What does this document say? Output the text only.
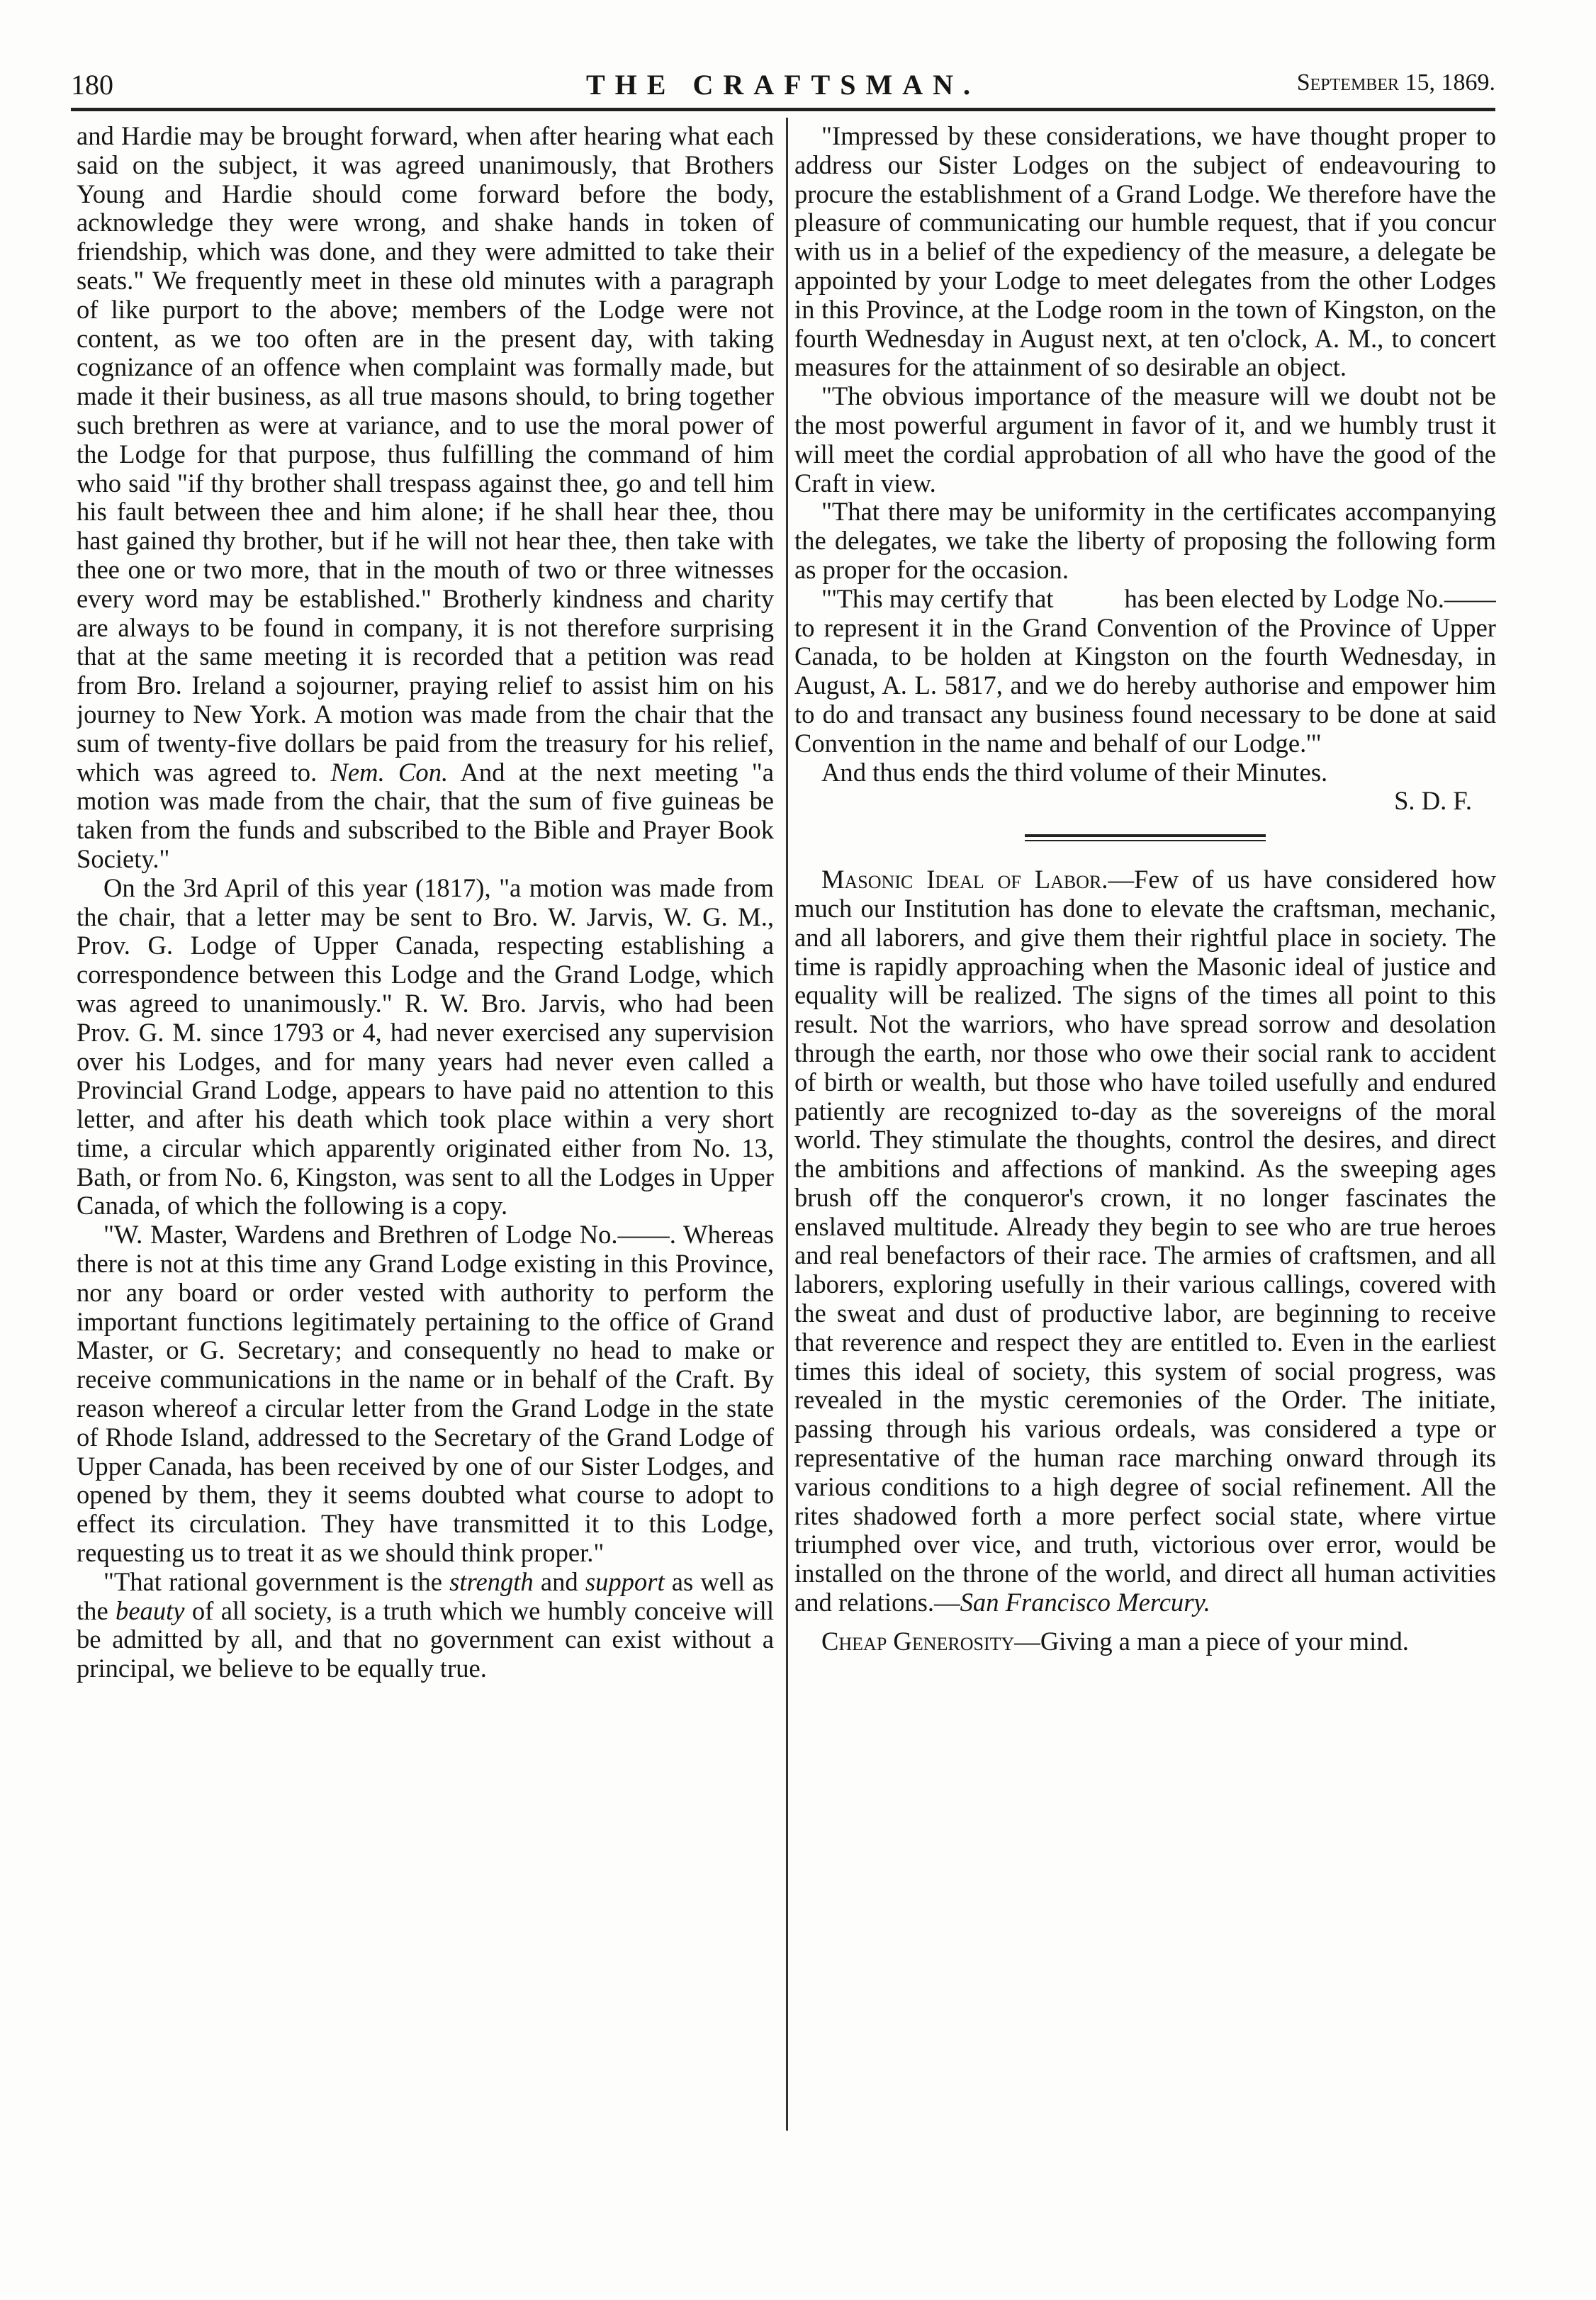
180	THE CRAFTSMAN.	September 15, 1869.

and Hardie may be brought forward, when after hearing what each said on the subject, it was agreed unanimously, that Brothers Young and Hardie should come forward before the body, acknowledge they were wrong, and shake hands in token of friendship, which was done, and they were admitted to take their seats." We frequently meet in these old minutes with a paragraph of like purport to the above; members of the Lodge were not content, as we too often are in the present day, with taking cognizance of an offence when complaint was formally made, but made it their business, as all true masons should, to bring together such brethren as were at variance, and to use the moral power of the Lodge for that purpose, thus fulfilling the command of him who said "if thy brother shall trespass against thee, go and tell him his fault between thee and him alone; if he shall hear thee, thou hast gained thy brother, but if he will not hear thee, then take with thee one or two more, that in the mouth of two or three witnesses every word may be established." Brotherly kindness and charity are always to be found in company, it is not therefore surprising that at the same meeting it is recorded that a petition was read from Bro. Ireland a sojourner, praying relief to assist him on his journey to New York. A motion was made from the chair that the sum of twenty-five dollars be paid from the treasury for his relief, which was agreed to. Nem. Con. And at the next meeting "a motion was made from the chair, that the sum of five guineas be taken from the funds and subscribed to the Bible and Prayer Book Society."

On the 3rd April of this year (1817), "a motion was made from the chair, that a letter may be sent to Bro. W. Jarvis, W. G. M., Prov. G. Lodge of Upper Canada, respecting establishing a correspondence between this Lodge and the Grand Lodge, which was agreed to unanimously." R. W. Bro. Jarvis, who had been Prov. G. M. since 1793 or 4, had never exercised any supervision over his Lodges, and for many years had never even called a Provincial Grand Lodge, appears to have paid no attention to this letter, and after his death which took place within a very short time, a circular which apparently originated either from No. 13, Bath, or from No. 6, Kingston, was sent to all the Lodges in Upper Canada, of which the following is a copy.

"W. Master, Wardens and Brethren of Lodge No.——. Whereas there is not at this time any Grand Lodge existing in this Province, nor any board or order vested with authority to perform the important functions legitimately pertaining to the office of Grand Master, or G. Secretary; and consequently no head to make or receive communications in the name or in behalf of the Craft. By reason whereof a circular letter from the Grand Lodge in the state of Rhode Island, addressed to the Secretary of the Grand Lodge of Upper Canada, has been received by one of our Sister Lodges, and opened by them, they it seems doubted what course to adopt to effect its circulation. They have transmitted it to this Lodge, requesting us to treat it as we should think proper."

"That rational government is the strength and support as well as the beauty of all society, is a truth which we humbly conceive will be admitted by all, and that no government can exist without a principal, we believe to be equally true.

"Impressed by these considerations, we have thought proper to address our Sister Lodges on the subject of endeavouring to procure the establishment of a Grand Lodge. We therefore have the pleasure of communicating our humble request, that if you concur with us in a belief of the expediency of the measure, a delegate be appointed by your Lodge to meet delegates from the other Lodges in this Province, at the Lodge room in the town of Kingston, on the fourth Wednesday in August next, at ten o'clock, A. M., to concert measures for the attainment of so desirable an object.

"The obvious importance of the measure will we doubt not be the most powerful argument in favor of it, and we humbly trust it will meet the cordial approbation of all who have the good of the Craft in view.

"That there may be uniformity in the certificates accompanying the delegates, we take the liberty of proposing the following form as proper for the occasion.

"'This may certify that	has been elected by Lodge No.—— to represent it in the Grand Convention of the Province of Upper Canada, to be holden at Kingston on the fourth Wednesday, in August, A. L. 5817, and we do hereby authorise and empower him to do and transact any business found necessary to be done at said Convention in the name and behalf of our Lodge.'"

And thus ends the third volume of their Minutes.

S. D. F.

Masonic Ideal of Labor.—Few of us have considered how much our Institution has done to elevate the craftsman, mechanic, and all laborers, and give them their rightful place in society. The time is rapidly approaching when the Masonic ideal of justice and equality will be realized. The signs of the times all point to this result. Not the warriors, who have spread sorrow and desolation through the earth, nor those who owe their social rank to accident of birth or wealth, but those who have toiled usefully and endured patiently are recognized to-day as the sovereigns of the moral world. They stimulate the thoughts, control the desires, and direct the ambitions and affections of mankind. As the sweeping ages brush off the conqueror's crown, it no longer fascinates the enslaved multitude. Already they begin to see who are true heroes and real benefactors of their race. The armies of craftsmen, and all laborers, exploring usefully in their various callings, covered with the sweat and dust of productive labor, are beginning to receive that reverence and respect they are entitled to. Even in the earliest times this ideal of society, this system of social progress, was revealed in the mystic ceremonies of the Order. The initiate, passing through his various ordeals, was considered a type or representative of the human race marching onward through its various conditions to a high degree of social refinement. All the rites shadowed forth a more perfect social state, where virtue triumphed over vice, and truth, victorious over error, would be installed on the throne of the world, and direct all human activities and relations.—San Francisco Mercury.

Cheap Generosity—Giving a man a piece of your mind.
